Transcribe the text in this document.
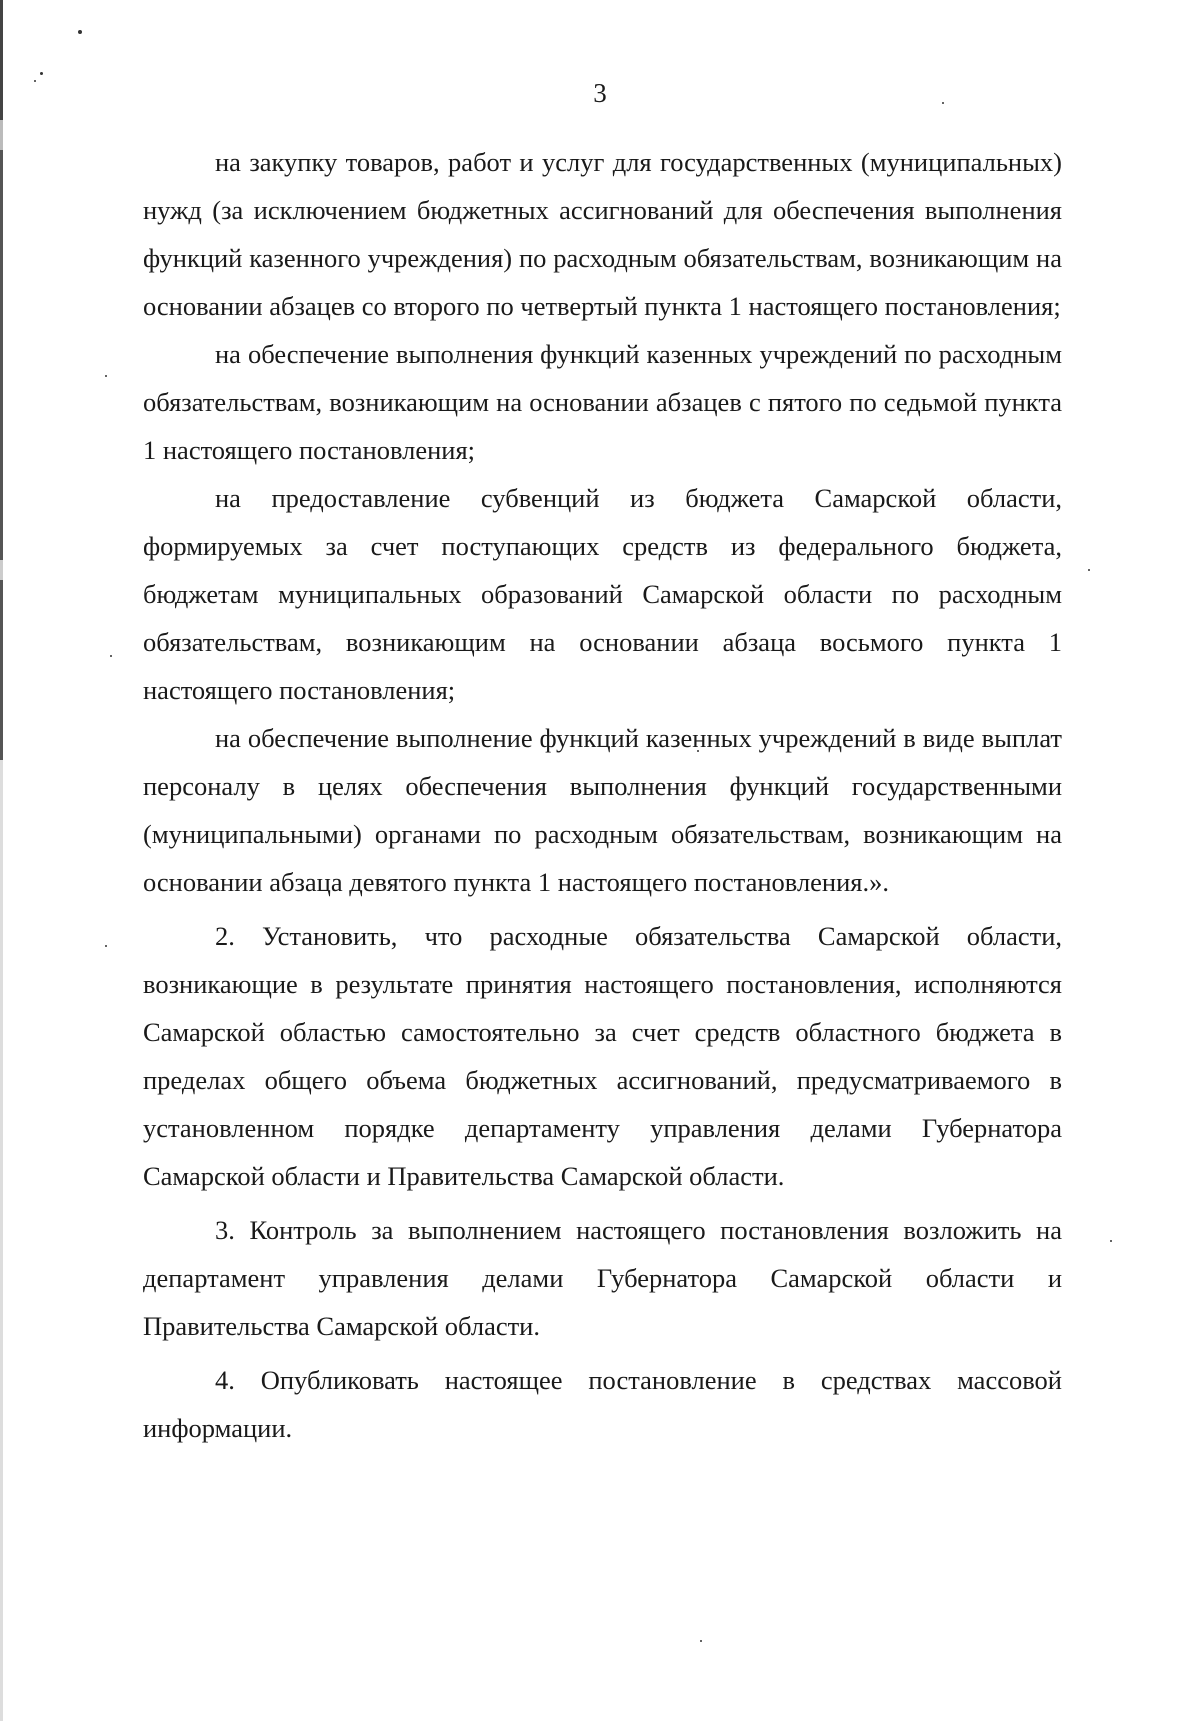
3

на закупку товаров, работ и услуг для государственных (муниципальных) нужд (за исключением бюджетных ассигнований для обеспечения выполнения функций казенного учреждения) по расходным обязательствам, возникающим на основании абзацев со второго по четвертый пункта 1 настоящего постановления;

на обеспечение выполнения функций казенных учреждений по расходным обязательствам, возникающим на основании абзацев с пятого по седьмой пункта 1 настоящего постановления;

на предоставление субвенций из бюджета Самарской области, формируемых за счет поступающих средств из федерального бюджета, бюджетам муниципальных образований Самарской области по расходным обязательствам, возникающим на основании абзаца восьмого пункта 1 настоящего постановления;

на обеспечение выполнение функций казенных учреждений в виде выплат персоналу в целях обеспечения выполнения функций государственными (муниципальными) органами по расходным обязательствам, возникающим на основании абзаца девятого пункта 1 настоящего постановления.».

2. Установить, что расходные обязательства Самарской области, возникающие в результате принятия настоящего постановления, исполняются Самарской областью самостоятельно за счет средств областного бюджета в пределах общего объема бюджетных ассигнований, предусматриваемого в установленном порядке департаменту управления делами Губернатора Самарской области и Правительства Самарской области.

3. Контроль за выполнением настоящего постановления возложить на департамент управления делами Губернатора Самарской области и Правительства Самарской области.

4. Опубликовать настоящее постановление в средствах массовой информации.
